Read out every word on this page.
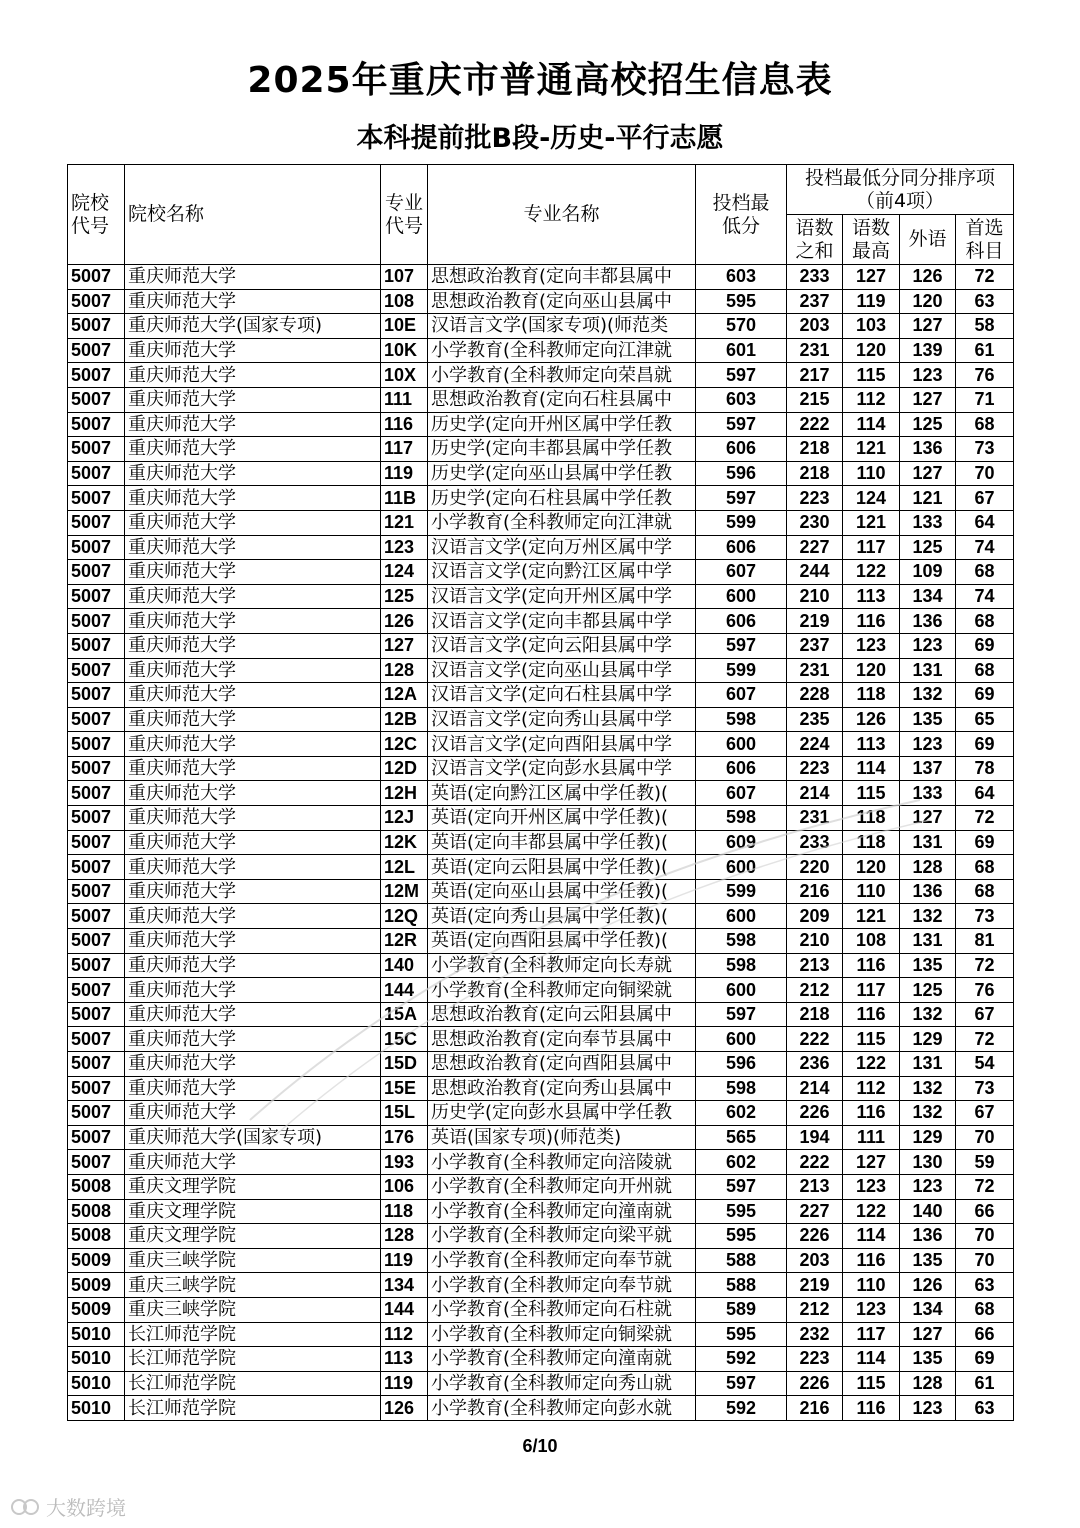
2025年重庆市普通高校招生信息表
本科提前批B段-历史-平行志愿
院校代号	院校名称	专业代号	专业名称	投档最低分	投档最低分同分排序项（前4项）			
					语数之和	语数最高	外语	首选科目
5007	重庆师范大学	107	思想政治教育(定向丰都县属中	603	233	127	126	72
5007	重庆师范大学	108	思想政治教育(定向巫山县属中	595	237	119	120	63
5007	重庆师范大学(国家专项)	10E	汉语言文学(国家专项)(师范类	570	203	103	127	58
5007	重庆师范大学	10K	小学教育(全科教师定向江津就	601	231	120	139	61
5007	重庆师范大学	10X	小学教育(全科教师定向荣昌就	597	217	115	123	76
5007	重庆师范大学	111	思想政治教育(定向石柱县属中	603	215	112	127	71
5007	重庆师范大学	116	历史学(定向开州区属中学任教	597	222	114	125	68
5007	重庆师范大学	117	历史学(定向丰都县属中学任教	606	218	121	136	73
5007	重庆师范大学	119	历史学(定向巫山县属中学任教	596	218	110	127	70
5007	重庆师范大学	11B	历史学(定向石柱县属中学任教	597	223	124	121	67
5007	重庆师范大学	121	小学教育(全科教师定向江津就	599	230	121	133	64
5007	重庆师范大学	123	汉语言文学(定向万州区属中学	606	227	117	125	74
5007	重庆师范大学	124	汉语言文学(定向黔江区属中学	607	244	122	109	68
5007	重庆师范大学	125	汉语言文学(定向开州区属中学	600	210	113	134	74
5007	重庆师范大学	126	汉语言文学(定向丰都县属中学	606	219	116	136	68
5007	重庆师范大学	127	汉语言文学(定向云阳县属中学	597	237	123	123	69
5007	重庆师范大学	128	汉语言文学(定向巫山县属中学	599	231	120	131	68
5007	重庆师范大学	12A	汉语言文学(定向石柱县属中学	607	228	118	132	69
5007	重庆师范大学	12B	汉语言文学(定向秀山县属中学	598	235	126	135	65
5007	重庆师范大学	12C	汉语言文学(定向酉阳县属中学	600	224	113	123	69
5007	重庆师范大学	12D	汉语言文学(定向彭水县属中学	606	223	114	137	78
5007	重庆师范大学	12H	英语(定向黔江区属中学任教)(	607	214	115	133	64
5007	重庆师范大学	12J	英语(定向开州区属中学任教)(	598	231	118	127	72
5007	重庆师范大学	12K	英语(定向丰都县属中学任教)(	609	233	118	131	69
5007	重庆师范大学	12L	英语(定向云阳县属中学任教)(	600	220	120	128	68
5007	重庆师范大学	12M	英语(定向巫山县属中学任教)(	599	216	110	136	68
5007	重庆师范大学	12Q	英语(定向秀山县属中学任教)(	600	209	121	132	73
5007	重庆师范大学	12R	英语(定向酉阳县属中学任教)(	598	210	108	131	81
5007	重庆师范大学	140	小学教育(全科教师定向长寿就	598	213	116	135	72
5007	重庆师范大学	144	小学教育(全科教师定向铜梁就	600	212	117	125	76
5007	重庆师范大学	15A	思想政治教育(定向云阳县属中	597	218	116	132	67
5007	重庆师范大学	15C	思想政治教育(定向奉节县属中	600	222	115	129	72
5007	重庆师范大学	15D	思想政治教育(定向酉阳县属中	596	236	122	131	54
5007	重庆师范大学	15E	思想政治教育(定向秀山县属中	598	214	112	132	73
5007	重庆师范大学	15L	历史学(定向彭水县属中学任教	602	226	116	132	67
5007	重庆师范大学(国家专项)	176	英语(国家专项)(师范类)	565	194	111	129	70
5007	重庆师范大学	193	小学教育(全科教师定向涪陵就	602	222	127	130	59
5008	重庆文理学院	106	小学教育(全科教师定向开州就	597	213	123	123	72
5008	重庆文理学院	118	小学教育(全科教师定向潼南就	595	227	122	140	66
5008	重庆文理学院	128	小学教育(全科教师定向梁平就	595	226	114	136	70
5009	重庆三峡学院	119	小学教育(全科教师定向奉节就	588	203	116	135	70
5009	重庆三峡学院	134	小学教育(全科教师定向奉节就	588	219	110	126	63
5009	重庆三峡学院	144	小学教育(全科教师定向石柱就	589	212	123	134	68
5010	长江师范学院	112	小学教育(全科教师定向铜梁就	595	232	117	127	66
5010	长江师范学院	113	小学教育(全科教师定向潼南就	592	223	114	135	69
5010	长江师范学院	119	小学教育(全科教师定向秀山就	597	226	115	128	61
5010	长江师范学院	126	小学教育(全科教师定向彭水就	592	216	116	123	63
6/10
大数跨境
